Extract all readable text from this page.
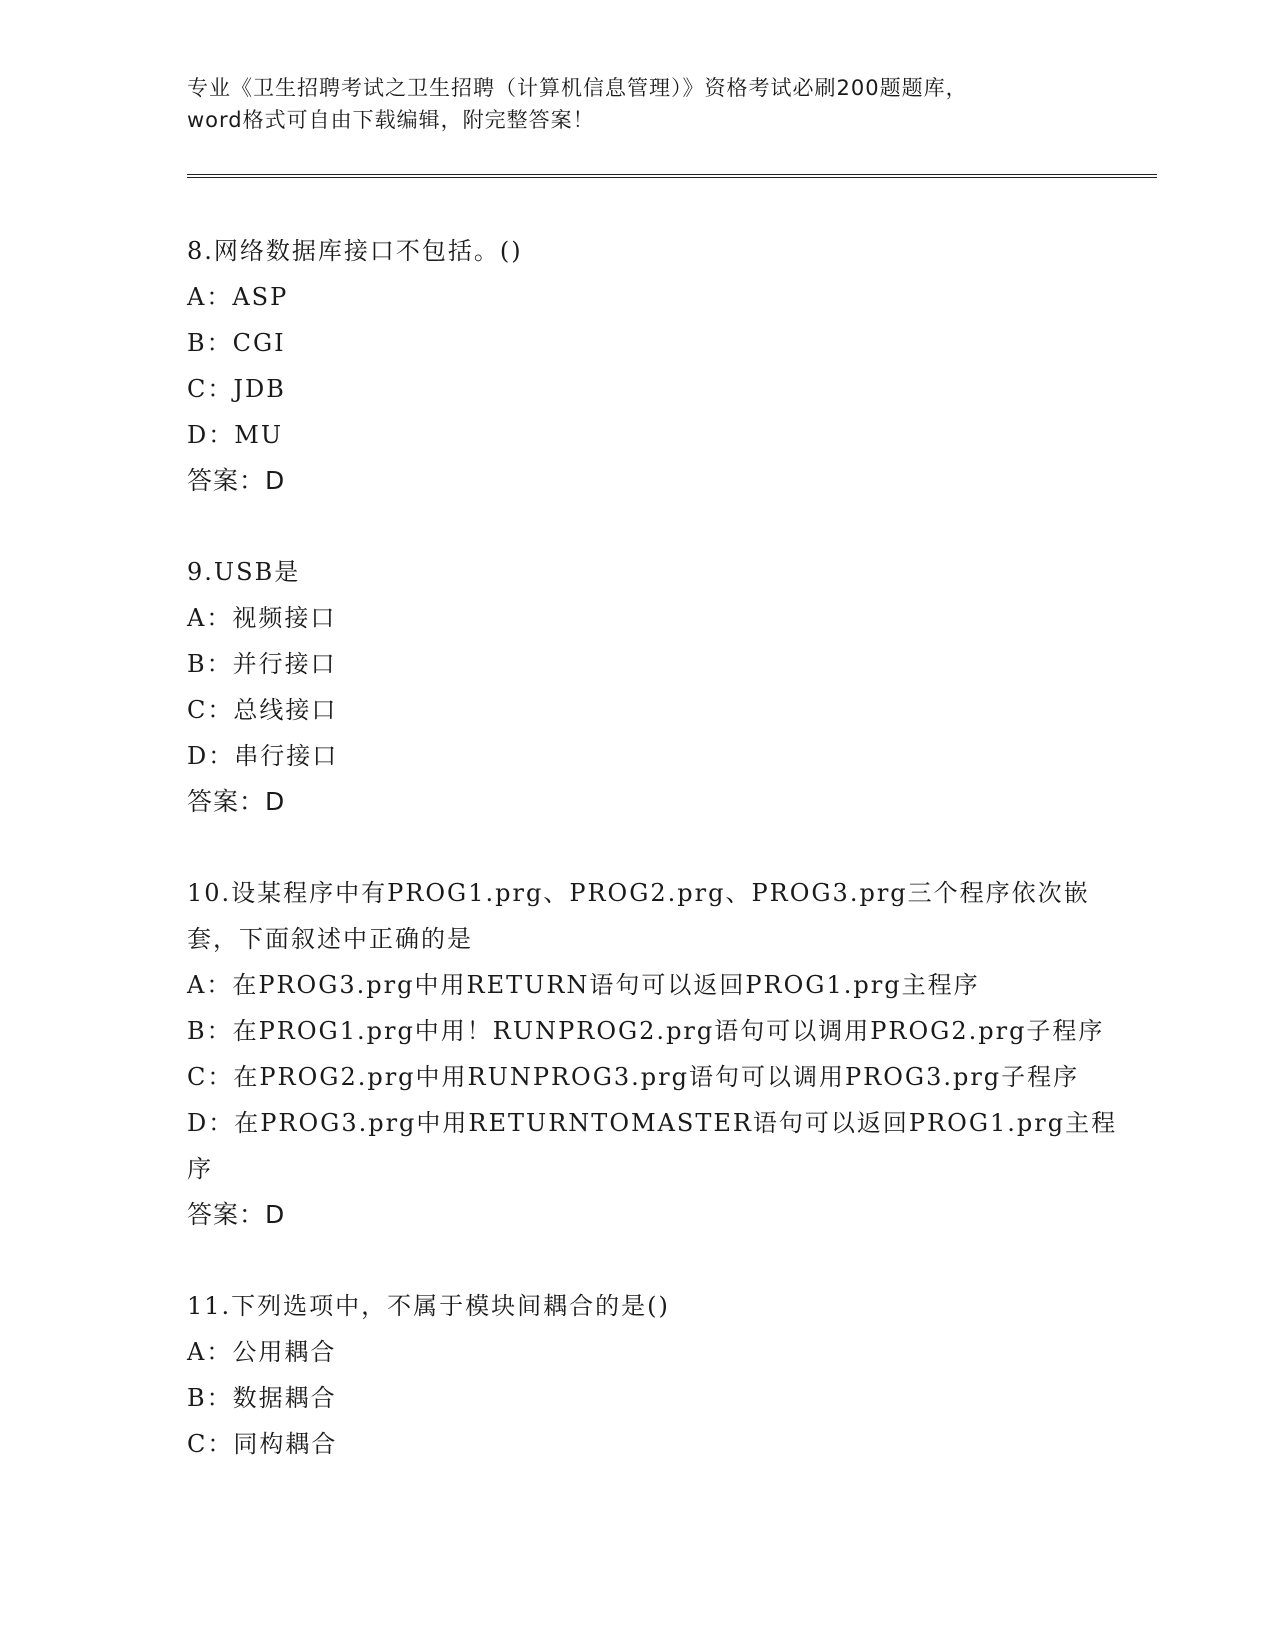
专业《卫生招聘考试之卫生招聘（计算机信息管理）》资格考试必刷200题题库，
word格式可自由下载编辑，附完整答案！
8.网络数据库接口不包括。()
A：ASP
B：CGI
C：JDB
D：MU
答案：D
9.USB是
A：视频接口
B：并行接口
C：总线接口
D：串行接口
答案：D
10.设某程序中有PROG1.prg、PROG2.prg、PROG3.prg三个程序依次嵌
套，下面叙述中正确的是
A：在PROG3.prg中用RETURN语句可以返回PROG1.prg主程序
B：在PROG1.prg中用！RUNPROG2.prg语句可以调用PROG2.prg子程序
C：在PROG2.prg中用RUNPROG3.prg语句可以调用PROG3.prg子程序
D：在PROG3.prg中用RETURNTOMASTER语句可以返回PROG1.prg主程
序
答案：D
11.下列选项中，不属于模块间耦合的是()
A：公用耦合
B：数据耦合
C：同构耦合
